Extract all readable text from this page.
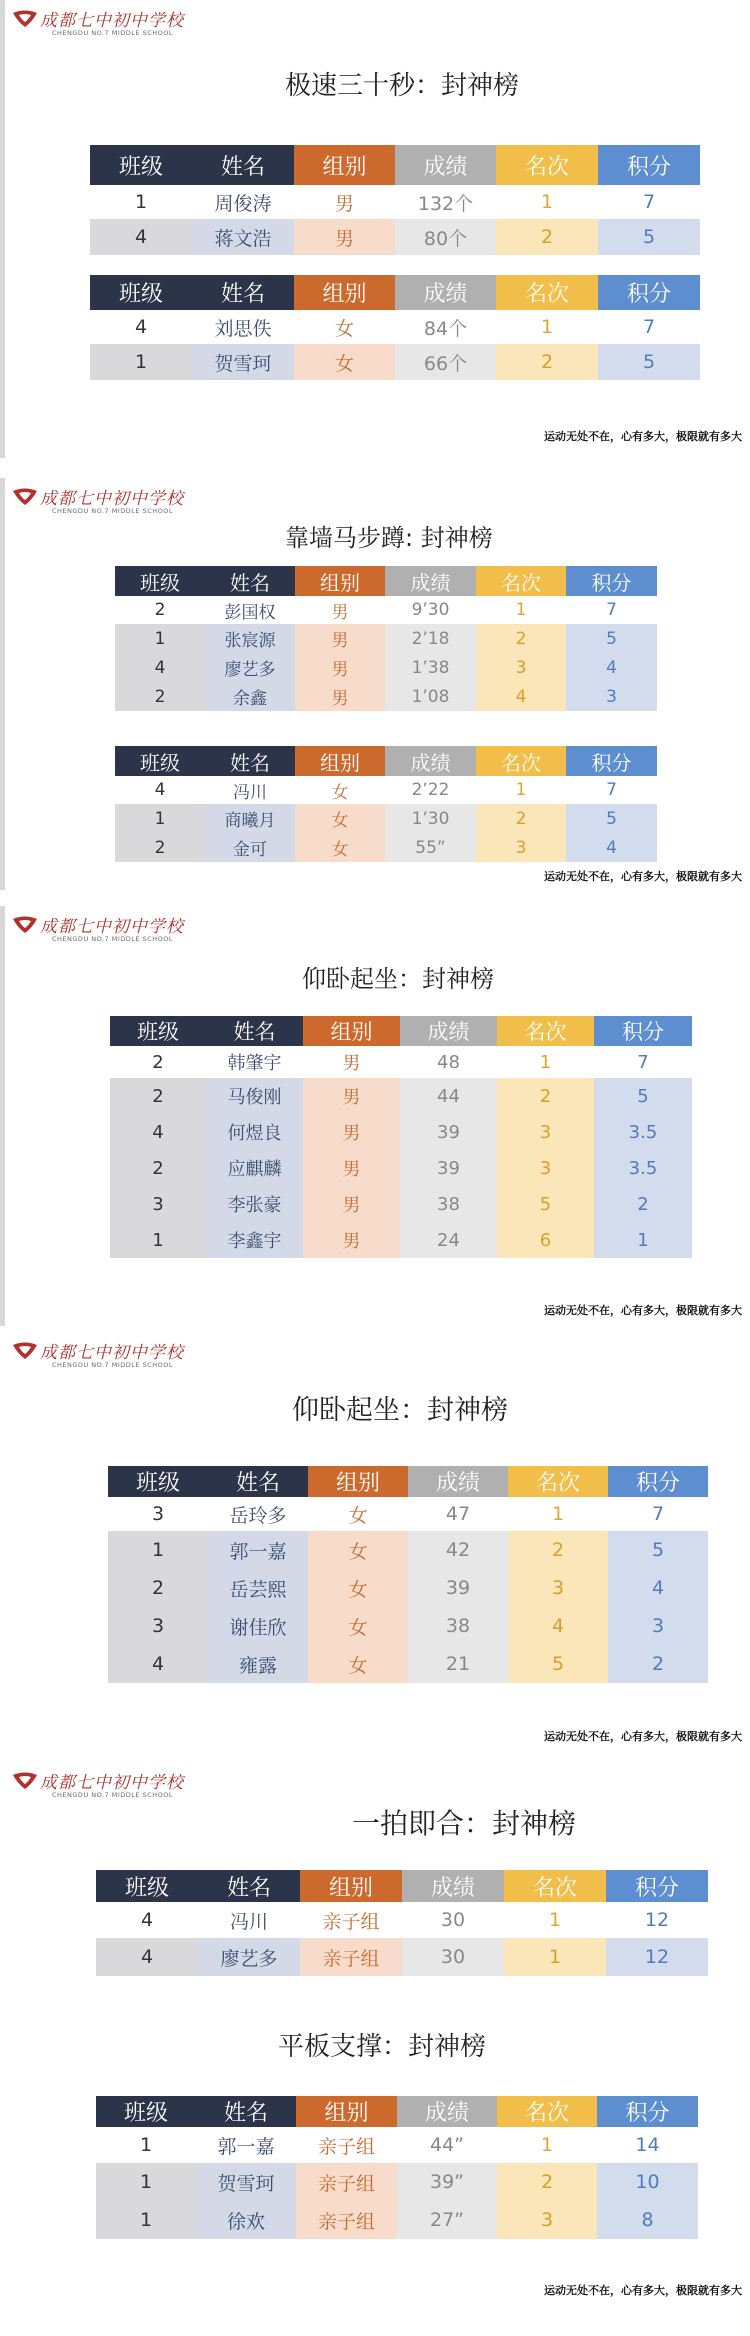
成都七中初中学校
CHENGDU NO.7 MIDDLE SCHOOL
极速三十秒：封神榜
班级	姓名	组别	成绩	名次	积分
1	周俊涛	男	132个	1	7
4	蒋文浩	男	80个	2	5
班级	姓名	组别	成绩	名次	积分
4	刘思佚	女	84个	1	7
1	贺雪珂	女	66个	2	5
运动无处不在，心有多大，极限就有多大
成都七中初中学校
CHENGDU NO.7 MIDDLE SCHOOL
靠墙马步蹲: 封神榜
班级	姓名	组别	成绩	名次	积分
2	彭国权	男	9’30	1	7
1	张宸源	男	2’18	2	5
4	廖艺多	男	1’38	3	4
2	余鑫	男	1’08	4	3
班级	姓名	组别	成绩	名次	积分
4	冯川	女	2’22	1	7
1	商曦月	女	1’30	2	5
2	金可	女	55”	3	4
运动无处不在，心有多大，极限就有多大
成都七中初中学校
CHENGDU NO.7 MIDDLE SCHOOL
仰卧起坐：封神榜
班级	姓名	组别	成绩	名次	积分
2	韩肇宇	男	48	1	7
2	马俊刚	男	44	2	5
4	何煜良	男	39	3	3.5
2	应麒麟	男	39	3	3.5
3	李张豪	男	38	5	2
1	李鑫宇	男	24	6	1
运动无处不在，心有多大，极限就有多大
成都七中初中学校
CHENGDU NO.7 MIDDLE SCHOOL
仰卧起坐：封神榜
班级	姓名	组别	成绩	名次	积分
3	岳玲多	女	47	1	7
1	郭一嘉	女	42	2	5
2	岳芸熙	女	39	3	4
3	谢佳欣	女	38	4	3
4	雍露	女	21	5	2
运动无处不在，心有多大，极限就有多大
成都七中初中学校
CHENGDU NO.7 MIDDLE SCHOOL
一拍即合：封神榜
班级	姓名	组别	成绩	名次	积分
4	冯川	亲子组	30	1	12
4	廖艺多	亲子组	30	1	12
平板支撑：封神榜
班级	姓名	组别	成绩	名次	积分
1	郭一嘉	亲子组	44”	1	14
1	贺雪珂	亲子组	39”	2	10
1	徐欢	亲子组	27”	3	8
运动无处不在，心有多大，极限就有多大
